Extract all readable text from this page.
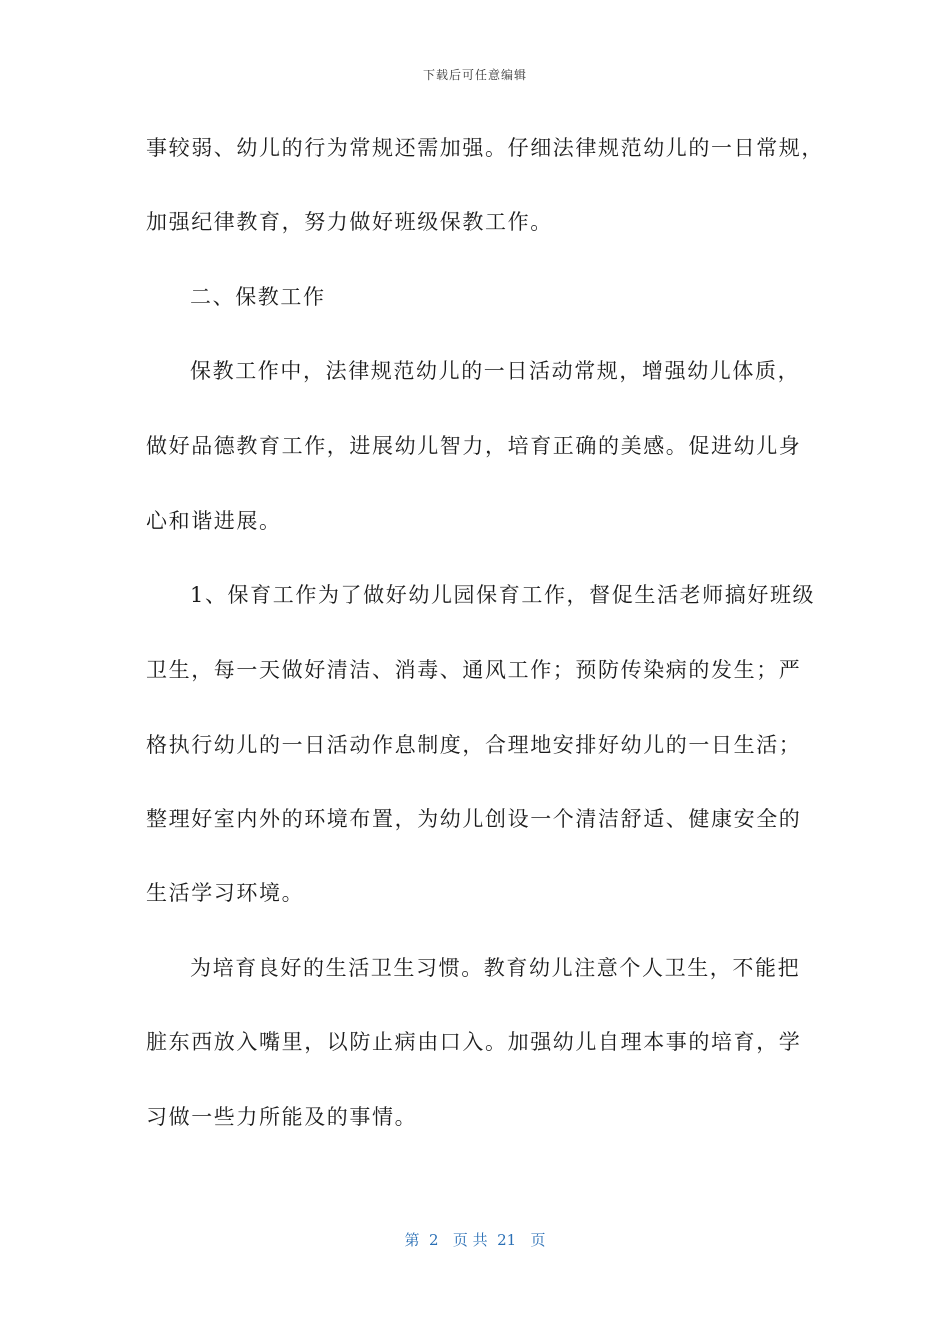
下载后可任意编辑
事较弱、幼儿的行为常规还需加强。仔细法律规范幼儿的一日常规，
加强纪律教育，努力做好班级保教工作。
二、保教工作
保教工作中，法律规范幼儿的一日活动常规，增强幼儿体质，
做好品德教育工作，进展幼儿智力，培育正确的美感。促进幼儿身
心和谐进展。
1、保育工作为了做好幼儿园保育工作，督促生活老师搞好班级
卫生，每一天做好清洁、消毒、通风工作；预防传染病的发生；严
格执行幼儿的一日活动作息制度，合理地安排好幼儿的一日生活；
整理好室内外的环境布置，为幼儿创设一个清洁舒适、健康安全的
生活学习环境。
为培育良好的生活卫生习惯。教育幼儿注意个人卫生，不能把
脏东西放入嘴里，以防止病由口入。加强幼儿自理本事的培育，学
习做一些力所能及的事情。
第  2   页 共  21   页
